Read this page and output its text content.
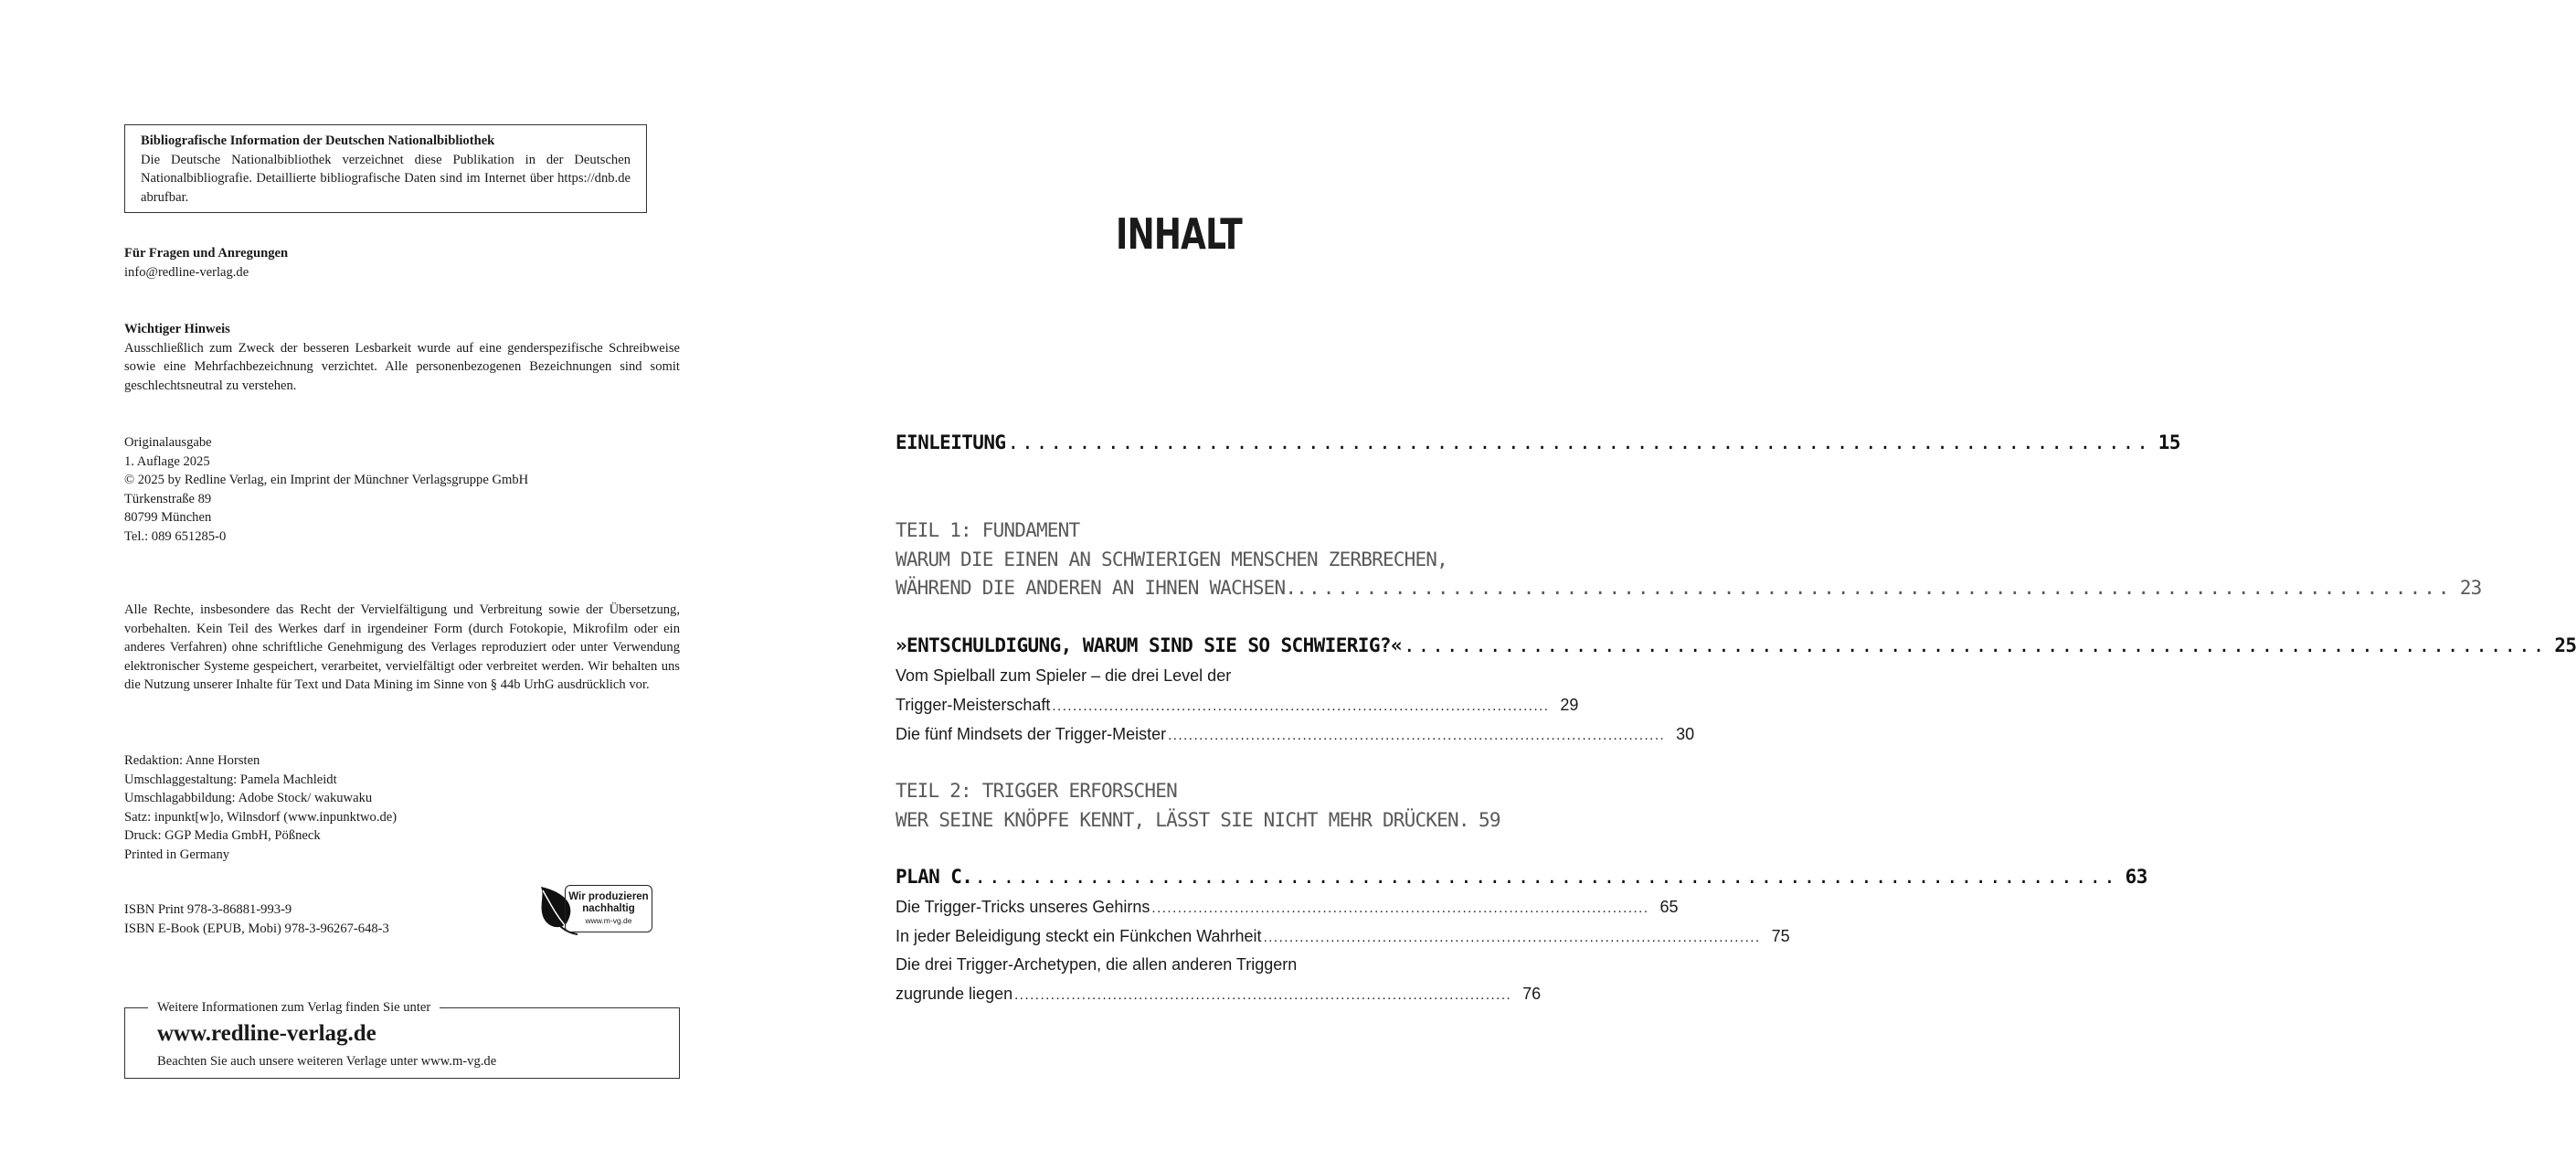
Bibliografische Information der Deutschen Nationalbibliothek

Die Deutsche Nationalbibliothek verzeichnet diese Publikation in der Deutschen Nationalbibliografie. Detaillierte bibliografische Daten sind im Internet über https://dnb.de abrufbar.

Für Fragen und Anregungen

info@redline-verlag.de

Wichtiger Hinweis

Ausschließlich zum Zweck der besseren Lesbarkeit wurde auf eine genderspezifische Schreibweise sowie eine Mehrfachbezeichnung verzichtet. Alle personenbezogenen Bezeichnungen sind somit geschlechtsneutral zu verstehen.

Originalausgabe

1. Auflage 2025

© 2025 by Redline Verlag, ein Imprint der Münchner Verlagsgruppe GmbH

Türkenstraße 89

80799 München

Tel.: 089 651285-0

Alle Rechte, insbesondere das Recht der Vervielfältigung und Verbreitung sowie der Übersetzung, vorbehalten. Kein Teil des Werkes darf in irgendeiner Form (durch Fotokopie, Mikrofilm oder ein anderes Verfahren) ohne schriftliche Genehmigung des Verlages reproduziert oder unter Verwendung elektronischer Systeme gespeichert, verarbeitet, vervielfältigt oder verbreitet werden. Wir behalten uns die Nutzung unserer Inhalte für Text und Data Mining im Sinne von § 44b UrhG ausdrücklich vor.

Redaktion: Anne Horsten

Umschlaggestaltung: Pamela Machleidt

Umschlagabbildung: Adobe Stock/ wakuwaku

Satz: inpunkt[w]o, Wilnsdorf (www.inpunktwo.de)

Druck: GGP Media GmbH, Pößneck

Printed in Germany

ISBN Print 978-3-86881-993-9

ISBN E-Book (EPUB, Mobi) 978-3-96267-648-3

Wir produzieren
nachhaltig
www.m-vg.de
Weitere Informationen zum Verlag finden Sie unter
www.redline-verlag.de
Beachten Sie auch unsere weiteren Verlage unter www.m-vg.de
INHALT
EINLEITUNG ................................................................................ 15
TEIL 1: FUNDAMENT
WARUM DIE EINEN AN SCHWIERIGEN MENSCHEN ZERBRECHEN,
WÄHREND DIE ANDEREN AN IHNEN WACHSEN.. ................................................................................ 23
»ENTSCHULDIGUNG, WARUM SIND SIE SO SCHWIERIG?« ................................................................................ 25
Vom Spielball zum Spieler – die drei Level der
Trigger-Meisterschaft ................................................................................................ 29
Die fünf Mindsets der Trigger-Meister ................................................................................................ 30
TEIL 2: TRIGGER ERFORSCHEN
WER SEINE KNÖPFE KENNT, LÄSST SIE NICHT MEHR DRÜCKEN. 59
PLAN C. ................................................................................ 63
Die Trigger-Tricks unseres Gehirns ................................................................................................ 65
In jeder Beleidigung steckt ein Fünkchen Wahrheit ................................................................................................ 75
Die drei Trigger-Archetypen, die allen anderen Triggern
zugrunde liegen ................................................................................................ 76
